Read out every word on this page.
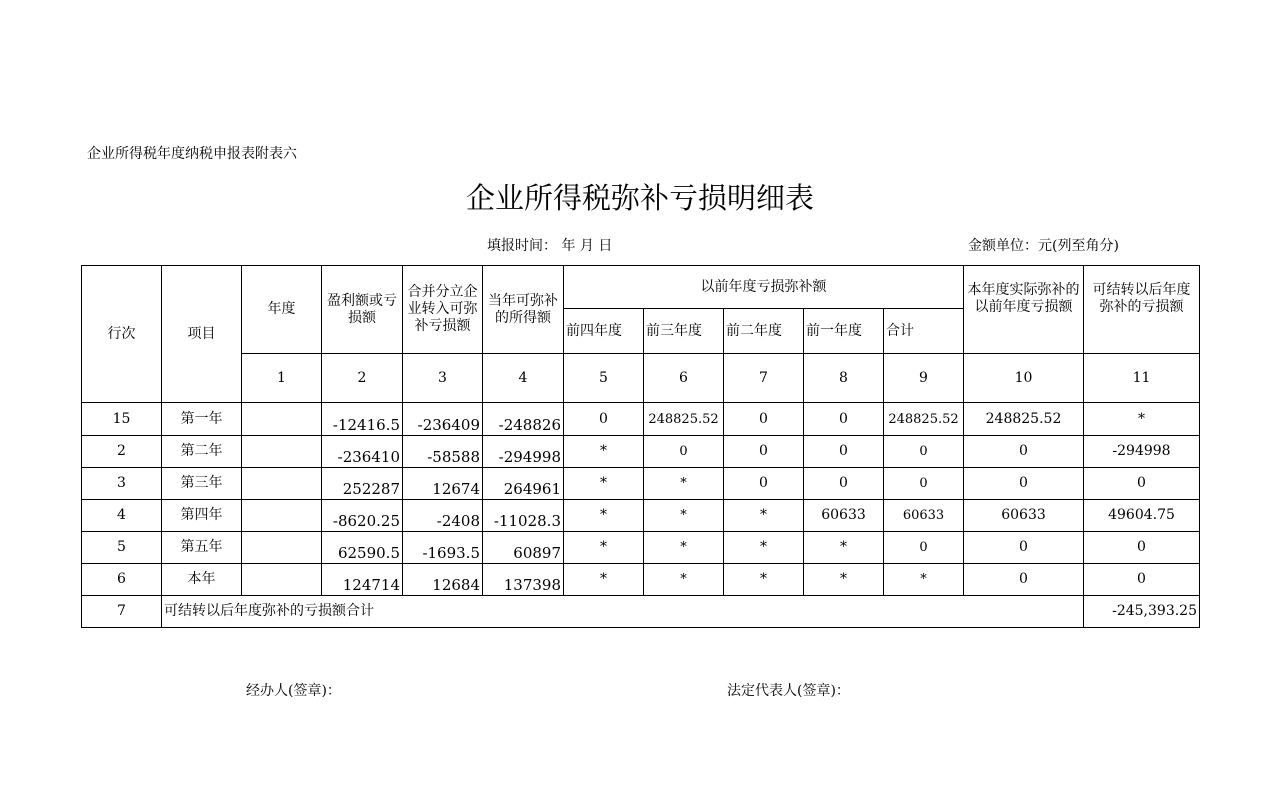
企业所得税年度纳税申报表附表六
企业所得税弥补亏损明细表
填报时间： 年 月 日	金额单位：元(列至角分)
行次	项目	年度	盈利额或亏损额	合并分立企业转入可弥补亏损额	当年可弥补的所得额	以前年度亏损弥补额					本年度实际弥补的以前年度亏损额	可结转以后年度弥补的亏损额
						前四年度	前三年度	前二年度	前一年度	合计		
		1	2	3	4	5	6	7	8	9	10	11
15	第一年		-12416.5	-236409	-248826	0	248825.52	0	0	248825.52	248825.52	*
2	第二年		-236410	-58588	-294998	*	0	0	0	0	0	-294998
3	第三年		252287	12674	264961	*	*	0	0	0	0	0
4	第四年		-8620.25	-2408	-11028.3	*	*	*	60633	60633	60633	49604.75
5	第五年		62590.5	-1693.5	60897	*	*	*	*	0	0	0
6	本年		124714	12684	137398	*	*	*	*	*	0	0
7	可结转以后年度弥补的亏损额合计											-245,393.25
经办人(签章)：	法定代表人(签章)：
